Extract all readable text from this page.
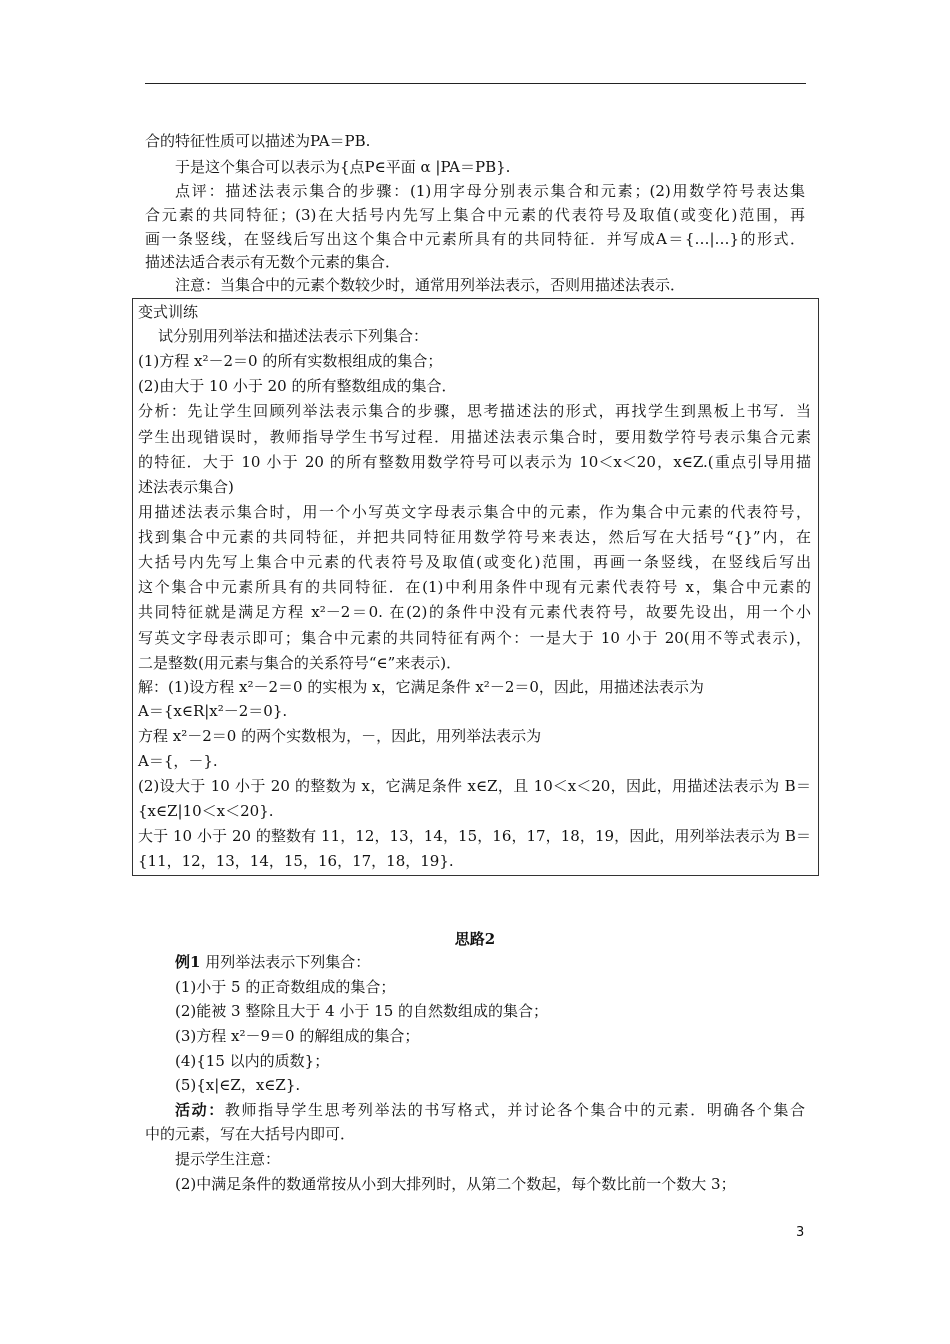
合的特征性质可以描述为PA＝PB.
于是这个集合可以表示为{点P∈平面 α |PA＝PB}.
点评：描述法表示集合的步骤：(1)用字母分别表示集合和元素；(2)用数学符号表达集
合元素的共同特征；(3)在大括号内先写上集合中元素的代表符号及取值(或变化)范围，再
画一条竖线，在竖线后写出这个集合中元素所具有的共同特征．并写成A＝{…|…}的形式．
描述法适合表示有无数个元素的集合．
注意：当集合中的元素个数较少时，通常用列举法表示，否则用描述法表示．
变式训练
试分别用列举法和描述法表示下列集合：
(1)方程 x²－2＝0 的所有实数根组成的集合；
(2)由大于 10 小于 20 的所有整数组成的集合．
分析：先让学生回顾列举法表示集合的步骤，思考描述法的形式，再找学生到黑板上书写．当
学生出现错误时，教师指导学生书写过程．用描述法表示集合时，要用数学符号表示集合元素
的特征．大于 10 小于 20 的所有整数用数学符号可以表示为 10＜x＜20，x∈Z.(重点引导用描
述法表示集合)
用描述法表示集合时，用一个小写英文字母表示集合中的元素，作为集合中元素的代表符号，
找到集合中元素的共同特征，并把共同特征用数学符号来表达，然后写在大括号“{}”内，在
大括号内先写上集合中元素的代表符号及取值(或变化)范围，再画一条竖线，在竖线后写出
这个集合中元素所具有的共同特征．在(1)中利用条件中现有元素代表符号 x，集合中元素的
共同特征就是满足方程 x²－2＝0. 在(2)的条件中没有元素代表符号，故要先设出，用一个小
写英文字母表示即可；集合中元素的共同特征有两个：一是大于 10 小于 20(用不等式表示)，
二是整数(用元素与集合的关系符号“∈”来表示)．
解：(1)设方程 x²－2＝0 的实根为 x，它满足条件 x²－2＝0，因此，用描述法表示为
A＝{x∈R|x²－2＝0}.
方程 x²－2＝0 的两个实数根为，－，因此，用列举法表示为
A＝{，－}.
(2)设大于 10 小于 20 的整数为 x，它满足条件 x∈Z，且 10＜x＜20，因此，用描述法表示为 B＝
{x∈Z|10＜x＜20}.
大于 10 小于 20 的整数有 11，12，13，14，15，16，17，18，19，因此，用列举法表示为 B＝
{11，12，13，14，15，16，17，18，19}.
思路2
例1 用列举法表示下列集合：
(1)小于 5 的正奇数组成的集合；
(2)能被 3 整除且大于 4 小于 15 的自然数组成的集合；
(3)方程 x²－9＝0 的解组成的集合；
(4){15 以内的质数}；
(5){x|∈Z，x∈Z}.
活动：教师指导学生思考列举法的书写格式，并讨论各个集合中的元素．明确各个集合
中的元素，写在大括号内即可．
提示学生注意：
(2)中满足条件的数通常按从小到大排列时，从第二个数起，每个数比前一个数大 3；
3
